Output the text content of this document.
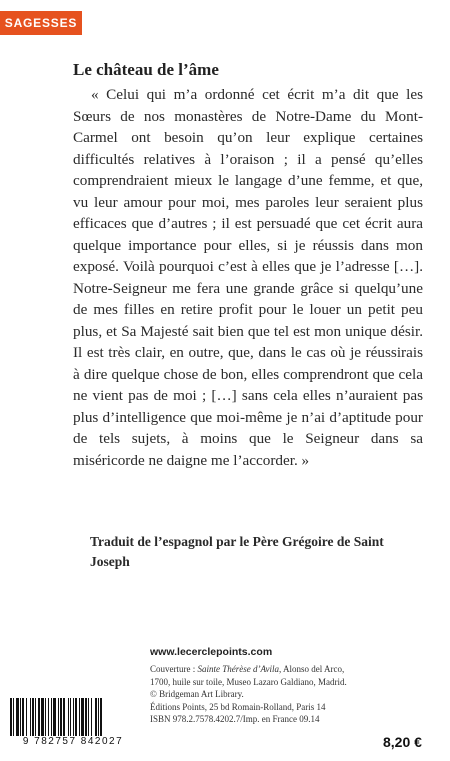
SAGESSES
Le château de l’âme

« Celui qui m’a ordonné cet écrit m’a dit que les Sœurs de nos monastères de Notre-Dame du Mont-Carmel ont besoin qu’on leur explique certaines difficultés relatives à l’oraison ; il a pensé qu’elles comprendraient mieux le langage d’une femme, et que, vu leur amour pour moi, mes paroles leur seraient plus efficaces que d’autres ; il est persuadé que cet écrit aura quelque importance pour elles, si je réussis dans mon exposé. Voilà pourquoi c’est à elles que je l’adresse […]. Notre-Seigneur me fera une grande grâce si quelqu’une de mes filles en retire profit pour le louer un petit peu plus, et Sa Majesté sait bien que tel est mon unique désir. Il est très clair, en outre, que, dans le cas où je réussirais à dire quelque chose de bon, elles comprendront que cela ne vient pas de moi ; […] sans cela elles n’auraient pas plus d’intelligence que moi-même je n’ai d’aptitude pour de tels sujets, à moins que le Seigneur dans sa miséricorde ne daigne me l’accorder. »

Traduit de l’espagnol par le Père Grégoire de Saint Joseph

www.lecerclepoints.com
Couverture : Sainte Thérèse d’Avila, Alonso del Arco,
1700, huile sur toile, Museo Lazaro Galdiano, Madrid.
© Bridgeman Art Library.
Éditions Points, 25 bd Romain-Rolland, Paris 14
ISBN 978.2.7578.4202.7/Imp. en France 09.14
9 782757 842027	8,20 €
